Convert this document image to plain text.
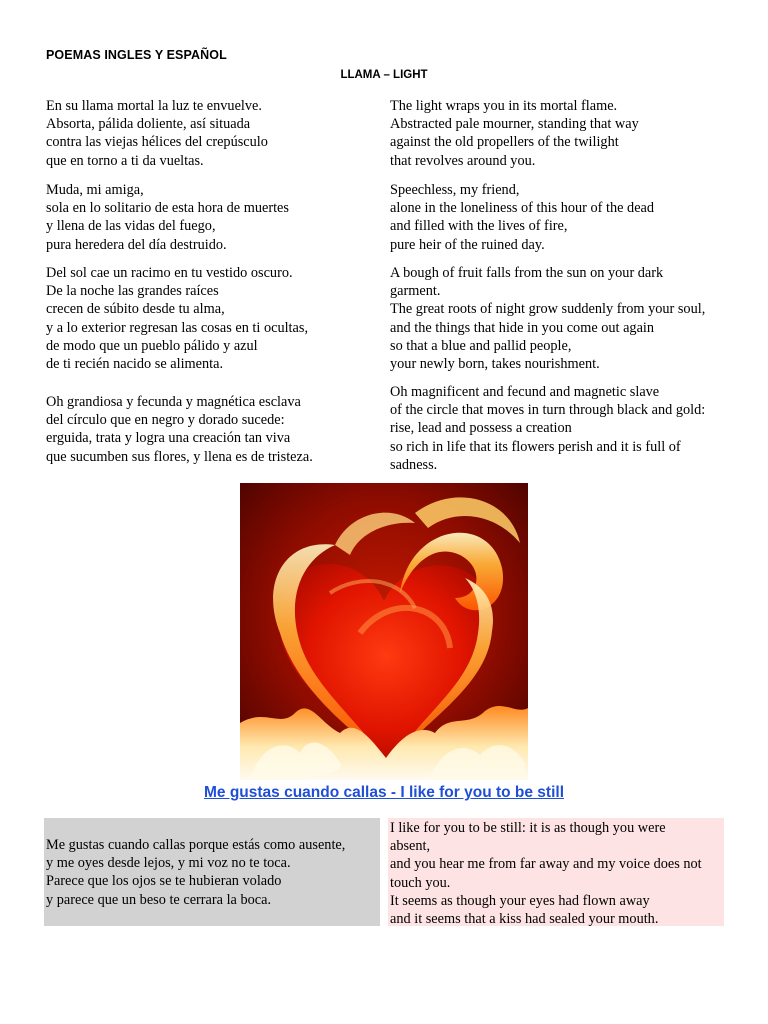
POEMAS INGLES Y ESPAÑOL
LLAMA – LIGHT
En su llama mortal la luz te envuelve.
Absorta, pálida doliente, así situada
contra las viejas hélices del crepúsculo
que en torno a ti da vueltas.
Muda, mi amiga,
sola en lo solitario de esta hora de muertes
y llena de las vidas del fuego,
pura heredera del día destruido.
Del sol cae un racimo en tu vestido oscuro.
De la noche las grandes raíces
crecen de súbito desde tu alma,
y a lo exterior regresan las cosas en ti ocultas,
de modo que un pueblo pálido y azul
de ti recién nacido se alimenta.
Oh grandiosa y fecunda y magnética esclava
del círculo que en negro y dorado sucede:
erguida, trata y logra una creación tan viva
que sucumben sus flores, y llena es de tristeza.
The light wraps you in its mortal flame.
Abstracted pale mourner, standing that way
against the old propellers of the twilight
that revolves around you.
Speechless, my friend,
alone in the loneliness of this hour of the dead
and filled with the lives of fire,
pure heir of the ruined day.
A bough of fruit falls from the sun on your dark
garment.
The great roots of night grow suddenly from your soul,
and the things that hide in you come out again
so that a blue and pallid people,
your newly born, takes nourishment.
Oh magnificent and fecund and magnetic slave
of the circle that moves in turn through black and gold:
rise, lead and possess a creation
so rich in life that its flowers perish and it is full of
sadness.
Me gustas cuando callas - I like for you to be still
Me gustas cuando callas porque estás como ausente,
y me oyes desde lejos, y mi voz no te toca.
Parece que los ojos se te hubieran volado
y parece que un beso te cerrara la boca.
I like for you to be still: it is as though you were
absent,
and you hear me from far away and my voice does not
touch you.
It seems as though your eyes had flown away
and it seems that a kiss had sealed your mouth.
